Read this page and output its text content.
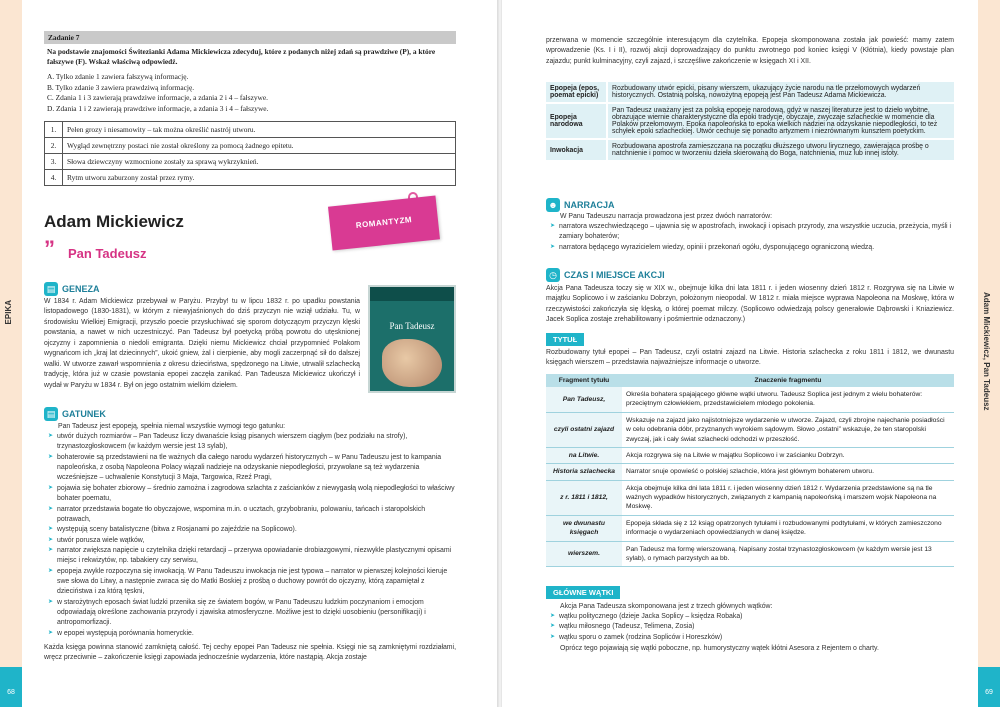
EPIKA
68
Zadanie 7
Na podstawie znajomości Świtezianki Adama Mickiewicza zdecyduj, które z podanych niżej zdań są prawdziwe (P), a które fałszywe (F). Wskaż właściwą odpowiedź.
A. Tylko zdanie 1 zawiera fałszywą informację.
B. Tylko zdanie 3 zawiera prawdziwą informację.
C. Zdania 1 i 3 zawierają prawdziwe informacje, a zdania 2 i 4 – fałszywe.
D. Zdania 1 i 2 zawierają prawdziwe informacje, a zdania 3 i 4 – fałszywe.
1.	Pełen grozy i niesamowity – tak można określić nastrój utworu.
2.	Wygląd zewnętrzny postaci nie został określony za pomocą żadnego epitetu.
3.	Słowa dziewczyny wzmocnione zostały za sprawą wykrzyknień.
4.	Rytm utworu zaburzony został przez rymy.
Adam Mickiewicz
” Pan Tadeusz
ROMANTYZM
▤ GENEZA
W 1834 r. Adam Mickiewicz przebywał w Paryżu. Przyby! tu w lipcu 1832 r. po upadku powstania listopadowego (1830-1831), w którym z niewyjaśnionych do dziś przyczyn nie wziął udziału. Tu, w środowisku Wielkiej Emigracji, przyszło poecie przysłuchiwać się sporom dotyczącym przyczyn klęski powstania, a nawet w nich uczestniczyć. Pan Tadeusz był poetycką próbą powrotu do utęsknionej ojczyzny i zapomnienia o niedoli emigranta. Dzięki niemu Mickiewicz chciał przypomnieć Polakom wygnańcom ich „kraj lat dziecinnych”, ukoić gniew, żal i cierpienie, aby mogli zaczerpnąć sił do dalszej walki. W utworze zawarł wspomnienia z okresu dzieciństwa, spędzonego na Litwie, utrwalił szlachecką tradycję, która już w czasie powstania epopei zaczęła zanikać. Pan Tadeusza Mickiewicz ukończył i wydał w Paryżu w 1834 r. Był on jego ostatnim wielkim dziełem.
Pan Tadeusz
▤ GATUNEK
Pan Tadeusz jest epopeją, spełnia niemal wszystkie wymogi tego gatunku:
➤ utwór dużych rozmiarów – Pan Tadeusz liczy dwanaście ksiąg pisanych wierszem ciągłym (bez podziału na strofy), trzynastozgłoskowcem (w każdym wersie jest 13 sylab),
➤ bohaterowie są przedstawieni na tle ważnych dla całego narodu wydarzeń historycznych – w Panu Tadeuszu jest to kampania napoleońska, z osobą Napoleona Polacy wiązali nadzieje na odzyskanie niepodległości, przywołane są też wydarzenia wcześniejsze – uchwalenie Konstytucji 3 Maja, Targowica, Rzeź Pragi,
➤ pojawia się bohater zbiorowy – średnio zamożna i zagrodowa szlachta z zaścianków z niewygasłą wolą niepodległości to właściwy bohater poematu,
➤ narrator przedstawia bogate tło obyczajowe, wspomina m.in. o ucztach, grzybobraniu, polowaniu, tańcach i staropolskich potrawach,
➤ występują sceny batalistyczne (bitwa z Rosjanami po zajeździe na Soplicowo).
➤ utwór porusza wiele wątków,
➤ narrator zwiększa napięcie u czytelnika dzięki retardacji – przerywa opowiadanie drobiazgowymi, niezwykle plastycznymi opisami miejsc i rekwizytów, np. tabakiery czy serwisu,
➤ epopeja zwykle rozpoczyna się inwokacją. W Panu Tadeuszu inwokacja nie jest typowa – narrator w pierwszej kolejności kieruje swe słowa do Litwy, a następnie zwraca się do Matki Boskiej z prośbą o duchowy powrót do ojczyzny, którą zapamiętał z dzieciństwa i za którą tęskni,
➤ w starożytnych eposach świat ludzki przenika się ze światem bogów, w Panu Tadeuszu ludzkim poczynaniom i emocjom odpowiadają określone zachowania przyrody i zjawiska atmosferyczne. Możliwe jest to dzięki uosobieniu (personifikacji) i antropomorfizacji.
➤ w epopei występują porównania homeryckie.
Każda księga powinna stanowić zamkniętą całość. Tej cechy epopei Pan Tadeusz nie spełnia. Księgi nie są zamkniętymi rozdziałami, wręcz przeciwnie – zakończenie księgi zapowiada jednocześnie wydarzenia, które nastąpią. Akcja zostaje
Adam Mickiewicz, Pan Tadeusz
69
przerwana w momencie szczególnie interesującym dla czytelnika. Epopeja skomponowana została jak powieść: mamy zatem wprowadzenie (Ks. I i II), rozwój akcji doprowadzający do punktu zwrotnego pod koniec księgi V (Kłótnia), kiedy powstaje plan zajazdu; punkt kulminacyjny, czyli zajazd, i szczęśliwe zakończenie w księgach XI i XII.
Epopeja (epos, poemat epicki)	Rozbudowany utwór epicki, pisany wierszem, ukazujący życie narodu na tle przełomowych wydarzeń historycznych. Ostatnią polską, nowożytną epopeją jest Pan Tadeusz Adama Mickiewicza.
Epopeja narodowa	Pan Tadeusz uważany jest za polską epopeję narodową, gdyż w naszej literaturze jest to dzieło wybitne, obrazujące wiernie charakterystyczne dla epoki tradycje, obyczaje, zwyczaje szlacheckie w momencie dla Polaków przełomowym. Epoka napoleońska to epoka wielkich nadziei na odzyskanie niepodległości, to też schyłek epoki szlacheckiej. Utwór cechuje się ponadto artyzmem i niezrównanym kunsztem poetyckim.
Inwokacja	Rozbudowana apostrofa zamieszczana na początku dłuższego utworu lirycznego, zawierająca prośbę o natchnienie i pomoc w tworzeniu dzieła skierowaną do Boga, natchnienia, muz lub innej istoty.
☻ NARRACJA
W Panu Tadeuszu narracja prowadzona jest przez dwóch narratorów:
➤ narratora wszechwiedzącego – ujawnia się w apostrofach, inwokacji i opisach przyrody, zna wszystkie uczucia, przeżycia, myśli i zamiary bohaterów;
➤ narratora będącego wyrazicielem wiedzy, opinii i przekonań ogółu, dysponującego ograniczoną wiedzą.
◷ CZAS I MIEJSCE AKCJI
Akcja Pana Tadeusza toczy się w XIX w., obejmuje kilka dni lata 1811 r. i jeden wiosenny dzień 1812 r. Rozgrywa się na Litwie w majątku Soplicowo i w zaścianku Dobrzyn, położonym nieopodal. W 1812 r. miała miejsce wyprawa Napoleona na Moskwę, która w rzeczywistości zakończyła się klęską, o której poemat milczy. (Soplicowo odwiedzają polscy generałowie Dąbrowski i Kniaziewicz. Jacek Soplica zostaje zrehabilitowany i pośmiertnie odznaczony.)
TYTUŁ
Rozbudowany tytuł epopei – Pan Tadeusz, czyli ostatni zajazd na Litwie. Historia szlachecka z roku 1811 i 1812, we dwunastu księgach wierszem – przedstawia najważniejsze informacje o utworze.
Fragment tytułu	Znaczenie fragmentu
Pan Tadeusz,	Określa bohatera spajającego główne wątki utworu. Tadeusz Soplica jest jednym z wielu bohaterów: przeciętnym człowiekiem, przedstawicielem młodego pokolenia.
czyli ostatni zajazd	Wskazuje na zajazd jako najistotniejsze wydarzenie w utworze. Zajazd, czyli zbrojne najechanie posiadłości w celu odebrania dóbr, przyznanych wyrokiem sądowym. Słowo „ostatni” wskazuje, że ten staropolski zwyczaj, jak i cały świat szlachecki odchodzi w przeszłość.
na Litwie.	Akcja rozgrywa się na Litwie w majątku Soplicowo i w zaścianku Dobrzyn.
Historia szlachecka	Narrator snuje opowieść o polskiej szlachcie, która jest głównym bohaterem utworu.
z r. 1811 i 1812,	Akcja obejmuje kilka dni lata 1811 r. i jeden wiosenny dzień 1812 r. Wydarzenia przedstawione są na tle ważnych wypadków historycznych, związanych z kampanią napoleońską i marszem wojsk Napoleona na Moskwę.
we dwunastu księgach	Epopeja składa się z 12 ksiąg opatrzonych tytułami i rozbudowanymi podtytułami, w których zamieszczono informacje o wydarzeniach opowiedzianych w danej księdze.
wierszem.	Pan Tadeusz ma formę wierszowaną. Napisany został trzynastozgłoskowcem (w każdym wersie jest 13 sylab), o rymach parzystych aa bb.
GŁÓWNE WĄTKI
Akcja Pana Tadeusza skomponowana jest z trzech głównych wątków:
➤ wątku politycznego (dzieje Jacka Soplicy – księdza Robaka)
➤ wątku miłosnego (Tadeusz, Telimena, Zosia)
➤ wątku sporu o zamek (rodzina Sopliców i Horeszków)
Oprócz tego pojawiają się wątki poboczne, np. humorystyczny wątek kłótni Asesora z Rejentem o charty.
